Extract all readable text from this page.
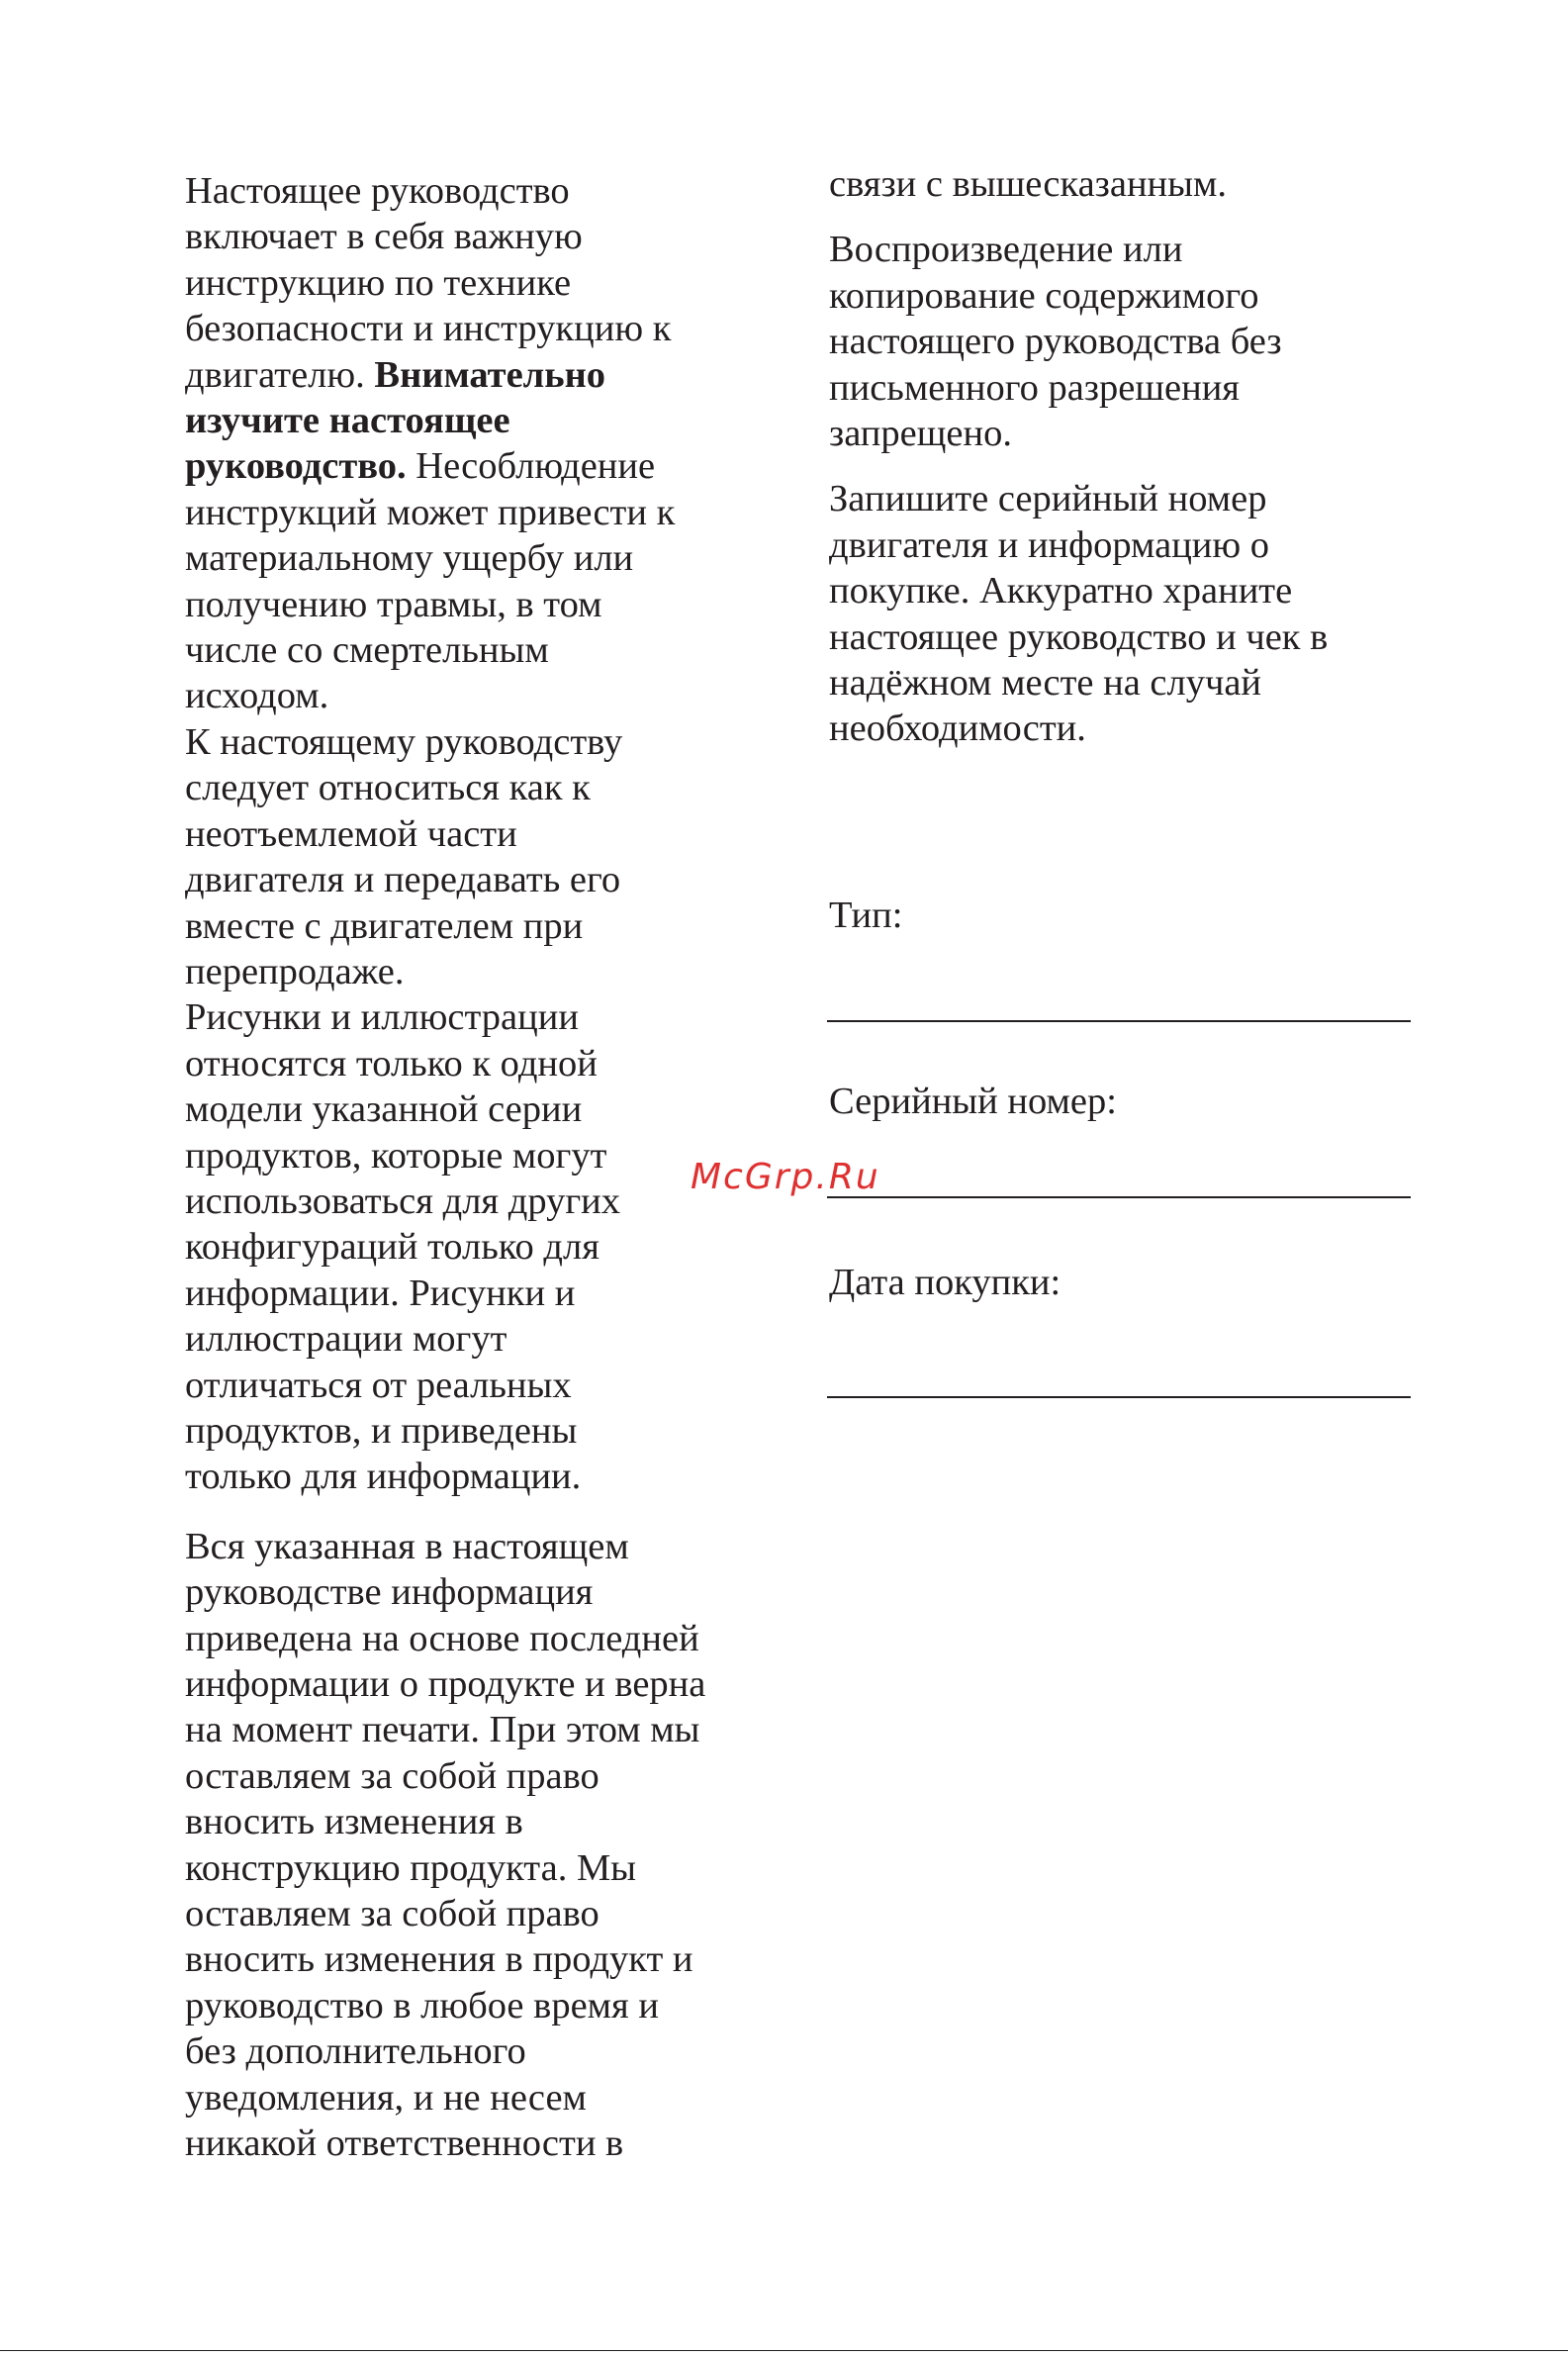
Настоящее руководство
включает в себя важную
инструкцию по технике
безопасности и инструкцию к
двигателю. Внимательно
изучите настоящее
руководство. Несоблюдение
инструкций может привести к
материальному ущербу или
получению травмы, в том
числе со смертельным
исходом.

К настоящему руководству
следует относиться как к
неотъемлемой части
двигателя и передавать его
вместе с двигателем при
перепродаже.

Рисунки и иллюстрации
относятся только к одной
модели указанной серии
продуктов, которые могут
использоваться для других
конфигураций только для
информации. Рисунки и
иллюстрации могут
отличаться от реальных
продуктов, и приведены
только для информации.

Вся указанная в настоящем
руководстве информация
приведена на основе последней
информации о продукте и верна
на момент печати. При этом мы
оставляем за собой право
вносить изменения в
конструкцию продукта. Мы
оставляем за собой право
вносить изменения в продукт и
руководство в любое время и
без дополнительного
уведомления, и не несем
никакой ответственности в

связи с вышесказанным.

Воспроизведение или
копирование содержимого
настоящего руководства без
письменного разрешения
запрещено.

Запишите серийный номер
двигателя и информацию о
покупке. Аккуратно храните
настоящее руководство и чек в
надёжном месте на случай
необходимости.

Тип:
Серийный номер:
Дата покупки:
McGrp.Ru
